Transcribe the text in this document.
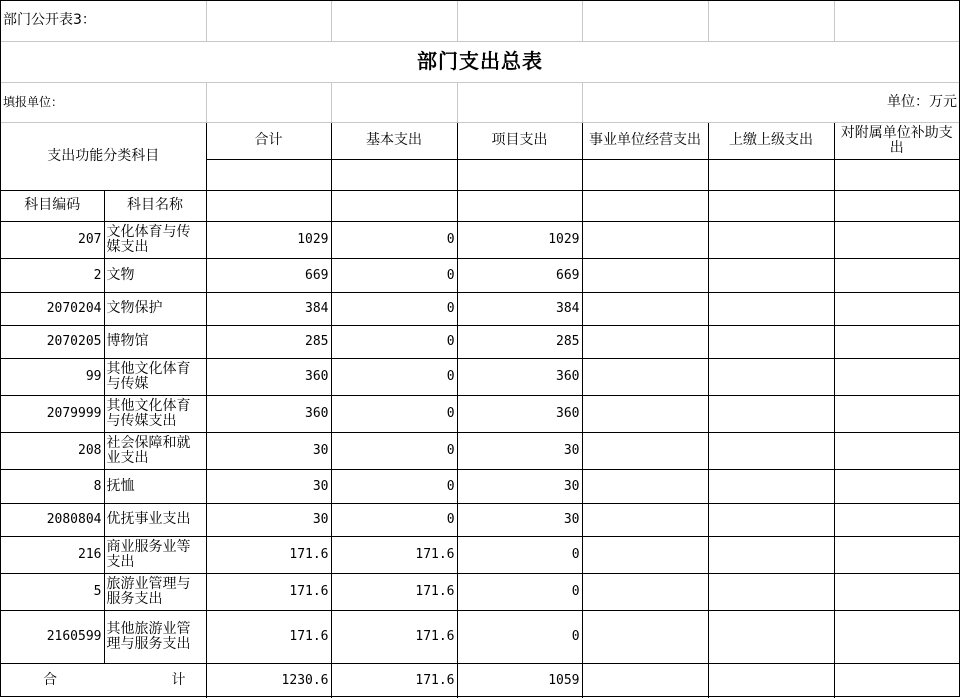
部门公开表3：							
部门支出总表							
填报单位：					单位：万元		
支出功能分类科目		合计	基本支出	项目支出	事业单位经营支出	上缴上级支出	对附属单位补助支出

科目编码	科目名称						
207	文化体育与传媒支出	1029	0	1029			
2	文物	669	0	669			
2070204	文物保护	384	0	384			
2070205	博物馆	285	0	285			
99	其他文化体育与传媒	360	0	360			
2079999	其他文化体育与传媒支出	360	0	360			
208	社会保障和就业支出	30	0	30			
8	抚恤	30	0	30			
2080804	优抚事业支出	30	0	30			
216	商业服务业等支出	171.6	171.6	0			
5	旅游业管理与服务支出	171.6	171.6	0			
2160599	其他旅游业管理与服务支出	171.6	171.6	0			

合 计		1230.6	171.6	1059			
